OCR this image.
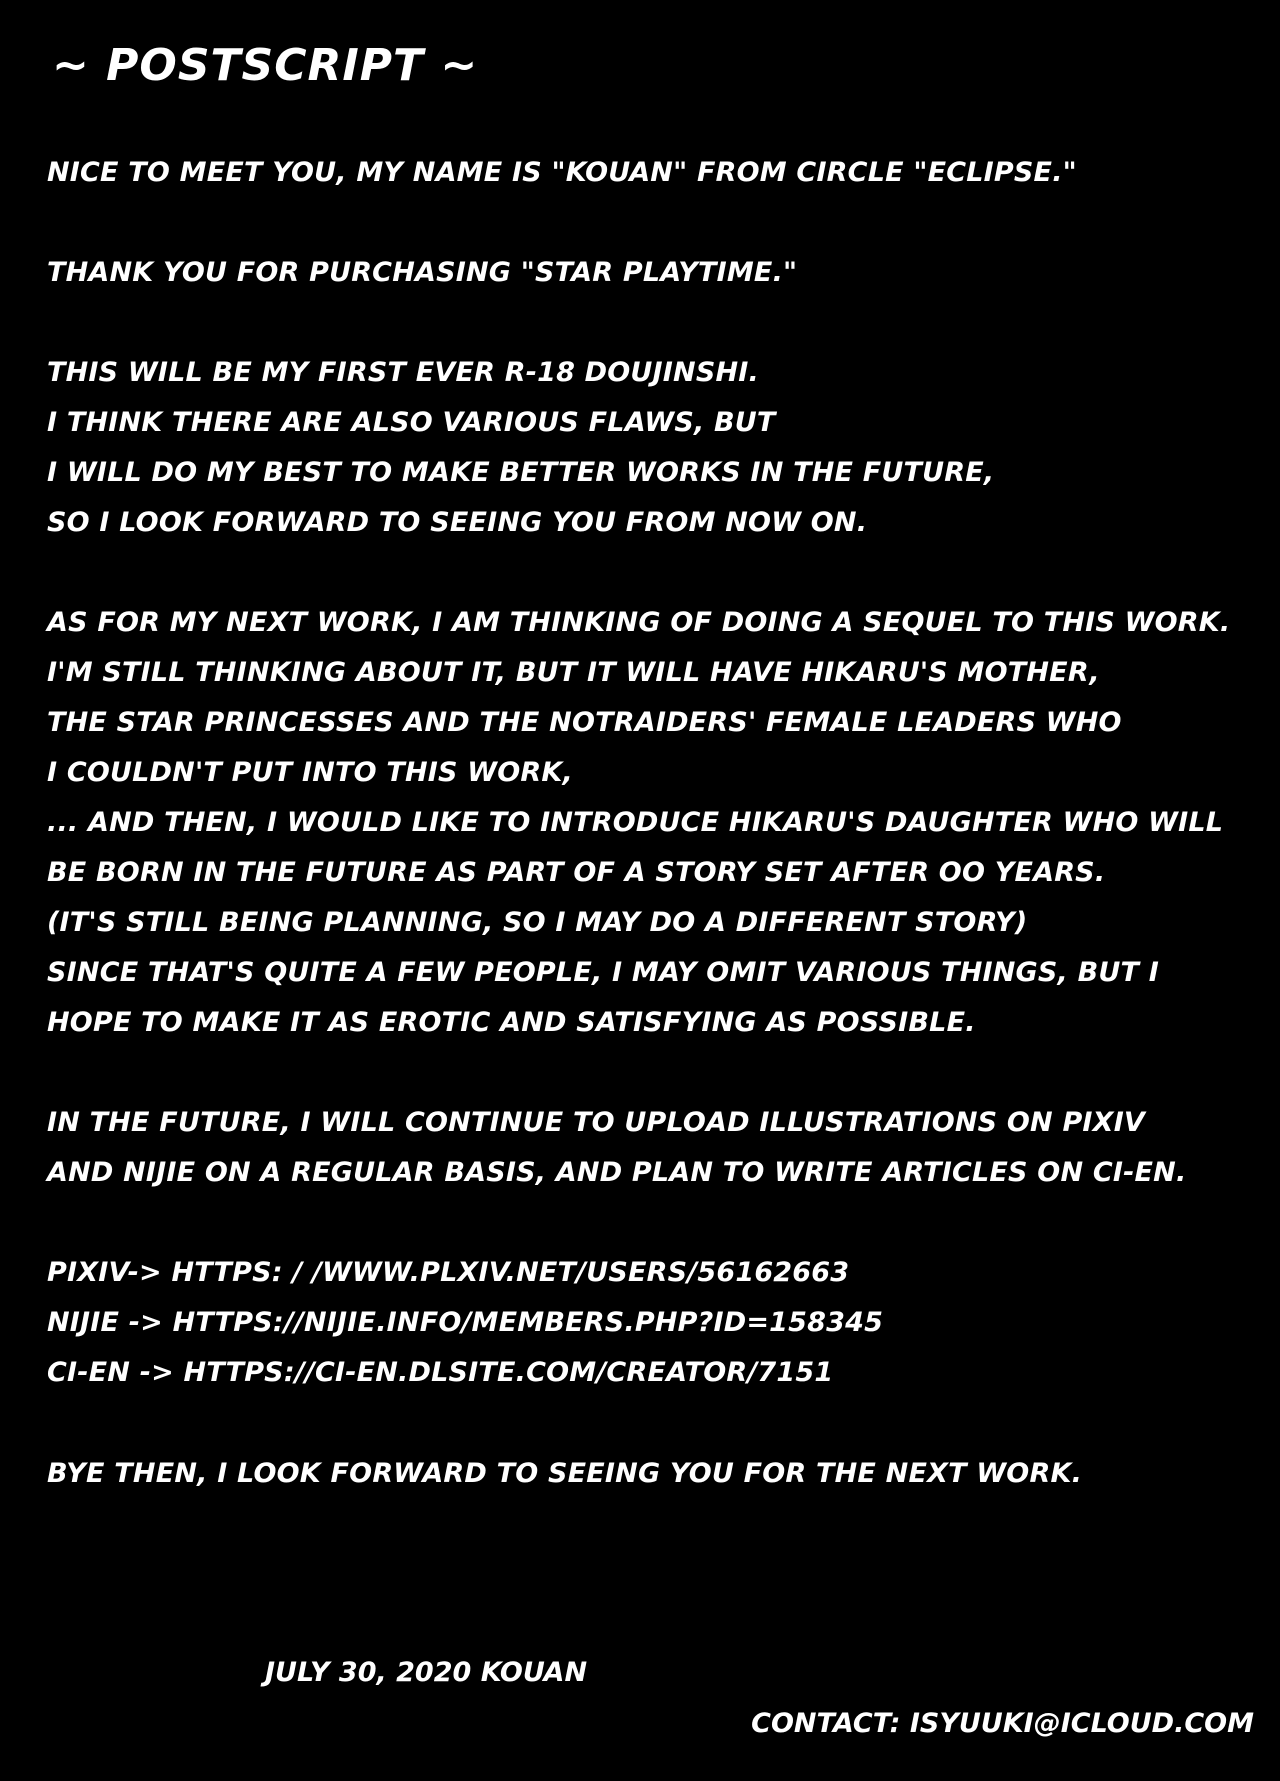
~ POSTSCRIPT ~
NICE TO MEET YOU, MY NAME IS "KOUAN" FROM CIRCLE "ECLIPSE."
THANK YOU FOR PURCHASING "STAR PLAYTIME."
THIS WILL BE MY FIRST EVER R-18 DOUJINSHI.
I THINK THERE ARE ALSO VARIOUS FLAWS, BUT
I WILL DO MY BEST TO MAKE BETTER WORKS IN THE FUTURE,
SO I LOOK FORWARD TO SEEING YOU FROM NOW ON.
AS FOR MY NEXT WORK, I AM THINKING OF DOING A SEQUEL TO THIS WORK.
I'M STILL THINKING ABOUT IT, BUT IT WILL HAVE HIKARU'S MOTHER,
THE STAR PRINCESSES AND THE NOTRAIDERS' FEMALE LEADERS WHO
I COULDN'T PUT INTO THIS WORK,
... AND THEN, I WOULD LIKE TO INTRODUCE HIKARU'S DAUGHTER WHO WILL
BE BORN IN THE FUTURE AS PART OF A STORY SET AFTER OO YEARS.
(IT'S STILL BEING PLANNING, SO I MAY DO A DIFFERENT STORY)
SINCE THAT'S QUITE A FEW PEOPLE, I MAY OMIT VARIOUS THINGS, BUT I
HOPE TO MAKE IT AS EROTIC AND SATISFYING AS POSSIBLE.
IN THE FUTURE, I WILL CONTINUE TO UPLOAD ILLUSTRATIONS ON PIXIV
AND NIJIE ON A REGULAR BASIS, AND PLAN TO WRITE ARTICLES ON CI-EN.
PIXIV-> HTTPS: / /WWW.PLXIV.NET/USERS/56162663
NIJIE -> HTTPS://NIJIE.INFO/MEMBERS.PHP?ID=158345
CI-EN -> HTTPS://CI-EN.DLSITE.COM/CREATOR/7151
BYE THEN, I LOOK FORWARD TO SEEING YOU FOR THE NEXT WORK.
JULY 30, 2020 KOUAN
CONTACT: ISYUUKI@ICLOUD.COM
